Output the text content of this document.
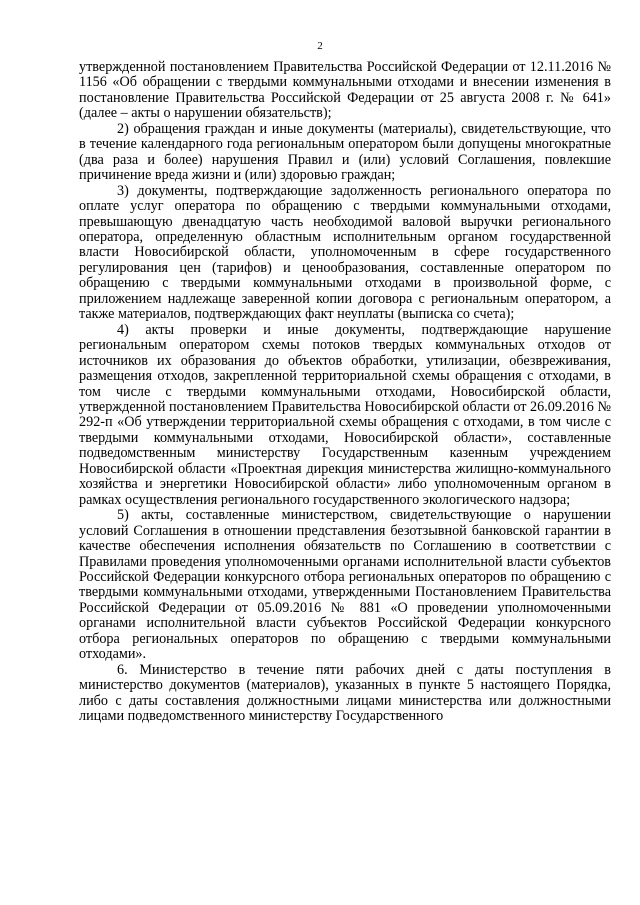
2

утвержденной постановлением Правительства Российской Федерации от 12.11.2016 № 1156 «Об обращении с твердыми коммунальными отходами и внесении изменения в постановление Правительства Российской Федерации от 25 августа 2008 г. № 641» (далее – акты о нарушении обязательств);

2) обращения граждан и иные документы (материалы), свидетельствующие, что в течение календарного года региональным оператором были допущены многократные (два раза и более) нарушения Правил и (или) условий Соглашения, повлекшие причинение вреда жизни и (или) здоровью граждан;

3) документы, подтверждающие задолженность регионального оператора по оплате услуг оператора по обращению с твердыми коммунальными отходами, превышающую двенадцатую часть необходимой валовой выручки регионального оператора, определенную областным исполнительным органом государственной власти Новосибирской области, уполномоченным в сфере государственного регулирования цен (тарифов) и ценообразования, составленные оператором по обращению с твердыми коммунальными отходами в произвольной форме, с приложением надлежаще заверенной копии договора с региональным оператором, а также материалов, подтверждающих факт неуплаты (выписка со счета);

4) акты проверки и иные документы, подтверждающие нарушение региональным оператором схемы потоков твердых коммунальных отходов от источников их образования до объектов обработки, утилизации, обезвреживания, размещения отходов, закрепленной территориальной схемы обращения с отходами, в том числе с твердыми коммунальными отходами, Новосибирской области, утвержденной постановлением Правительства Новосибирской области от 26.09.2016 № 292-п «Об утверждении территориальной схемы обращения с отходами, в том числе с твердыми коммунальными отходами, Новосибирской области», составленные подведомственным министерству Государственным казенным учреждением Новосибирской области «Проектная дирекция министерства жилищно-коммунального хозяйства и энергетики Новосибирской области» либо уполномоченным органом в рамках осуществления регионального государственного экологического надзора;

5) акты, составленные министерством, свидетельствующие о нарушении условий Соглашения в отношении представления безотзывной банковской гарантии в качестве обеспечения исполнения обязательств по Соглашению в соответствии с Правилами проведения уполномоченными органами исполнительной власти субъектов Российской Федерации конкурсного отбора региональных операторов по обращению с твердыми коммунальными отходами, утвержденными Постановлением Правительства Российской Федерации от 05.09.2016 № 881 «О проведении уполномоченными органами исполнительной власти субъектов Российской Федерации конкурсного отбора региональных операторов по обращению с твердыми коммунальными отходами».

6. Министерство в течение пяти рабочих дней с даты поступления в министерство документов (материалов), указанных в пункте 5 настоящего Порядка, либо с даты составления должностными лицами министерства или должностными лицами подведомственного министерству Государственного
